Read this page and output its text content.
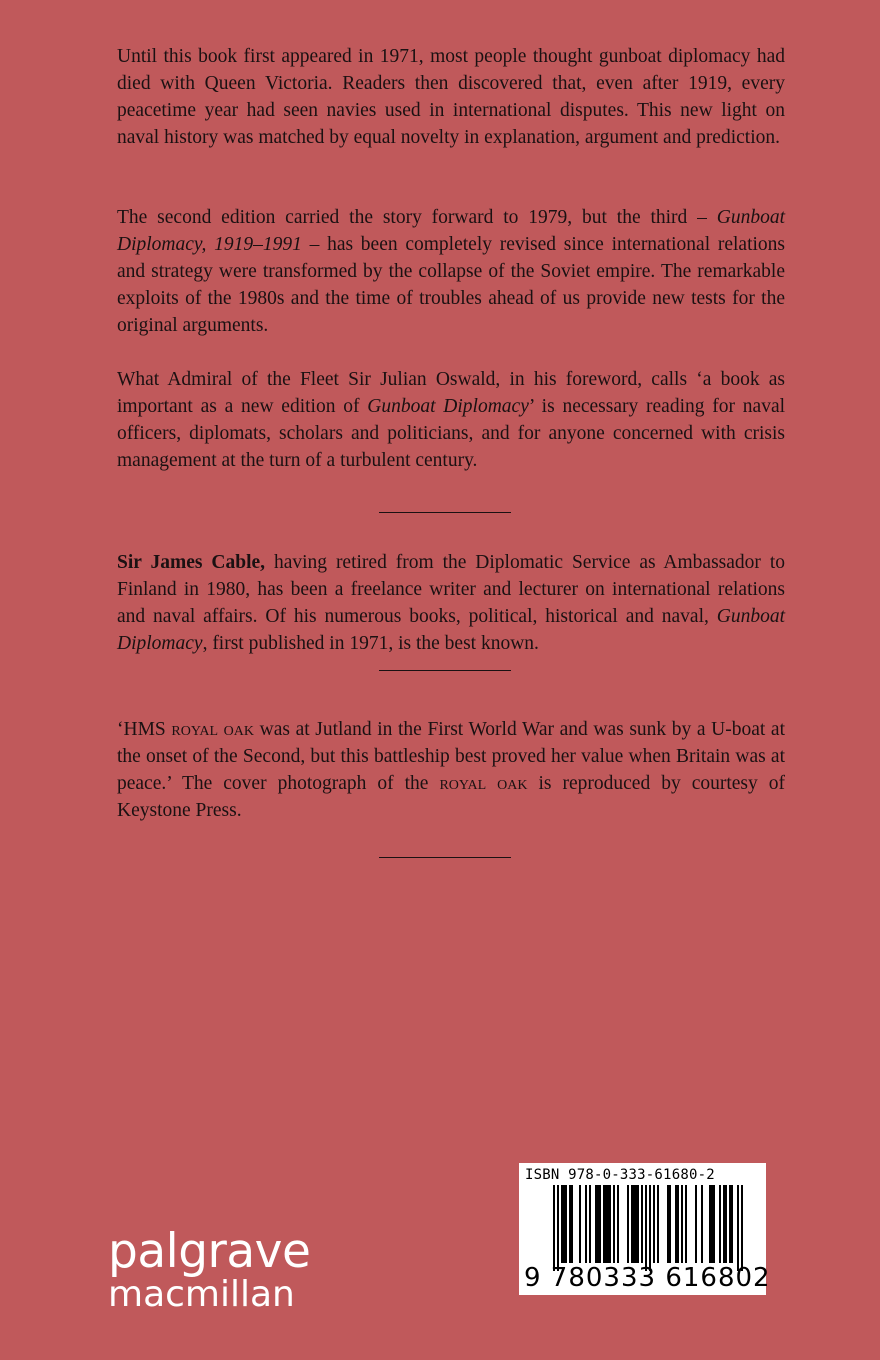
Until this book first appeared in 1971, most people thought gunboat diplomacy had died with Queen Victoria. Readers then discovered that, even after 1919, every peacetime year had seen navies used in international disputes. This new light on naval history was matched by equal novelty in explanation, argument and prediction.

The second edition carried the story forward to 1979, but the third – Gunboat Diplomacy, 1919–1991 – has been completely revised since international relations and strategy were transformed by the collapse of the Soviet empire. The remarkable exploits of the 1980s and the time of troubles ahead of us provide new tests for the original arguments.

What Admiral of the Fleet Sir Julian Oswald, in his foreword, calls ‘a book as important as a new edition of Gunboat Diplomacy’ is necessary reading for naval officers, diplomats, scholars and politicians, and for anyone concerned with crisis management at the turn of a turbulent century.

Sir James Cable, having retired from the Diplomatic Service as Ambassador to Finland in 1980, has been a freelance writer and lecturer on international relations and naval affairs. Of his numerous books, political, historical and naval, Gunboat Diplomacy, first published in 1971, is the best known.

‘HMS royal oak was at Jutland in the First World War and was sunk by a U-boat at the onset of the Second, but this battleship best proved her value when Britain was at peace.’ The cover photograph of the royal oak is reproduced by courtesy of Keystone Press.

palgrave
macmillan
ISBN 978-0-333-61680-2
9 780333 616802
